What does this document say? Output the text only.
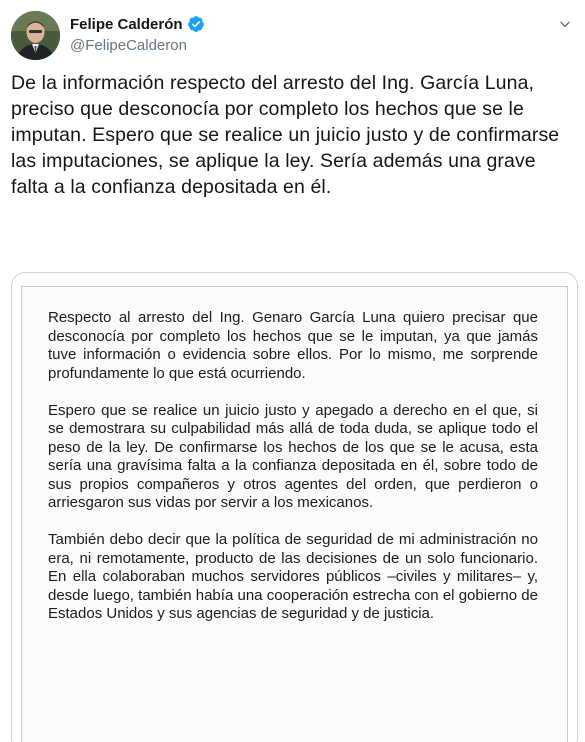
Felipe Calderón
@FelipeCalderon
De la información respecto del arresto del Ing. García Luna, preciso que desconocía por completo los hechos que se le imputan. Espero que se realice un juicio justo y de confirmarse las imputaciones, se aplique la ley. Sería además una grave falta a la confianza depositada en él.

Respecto al arresto del Ing. Genaro García Luna quiero precisar que desconocía por completo los hechos que se le imputan, ya que jamás tuve información o evidencia sobre ellos. Por lo mismo, me sorprende profundamente lo que está ocurriendo.

Espero que se realice un juicio justo y apegado a derecho en el que, si se demostrara su culpabilidad más allá de toda duda, se aplique todo el peso de la ley. De confirmarse los hechos de los que se le acusa, esta sería una gravísima falta a la confianza depositada en él, sobre todo de sus propios compañeros y otros agentes del orden, que perdieron o arriesgaron sus vidas por servir a los mexicanos.

También debo decir que la política de seguridad de mi administración no era, ni remotamente, producto de las decisiones de un solo funcionario. En ella colaboraban muchos servidores públicos –civiles y militares– y, desde luego, también había una cooperación estrecha con el gobierno de Estados Unidos y sus agencias de seguridad y de justicia.
